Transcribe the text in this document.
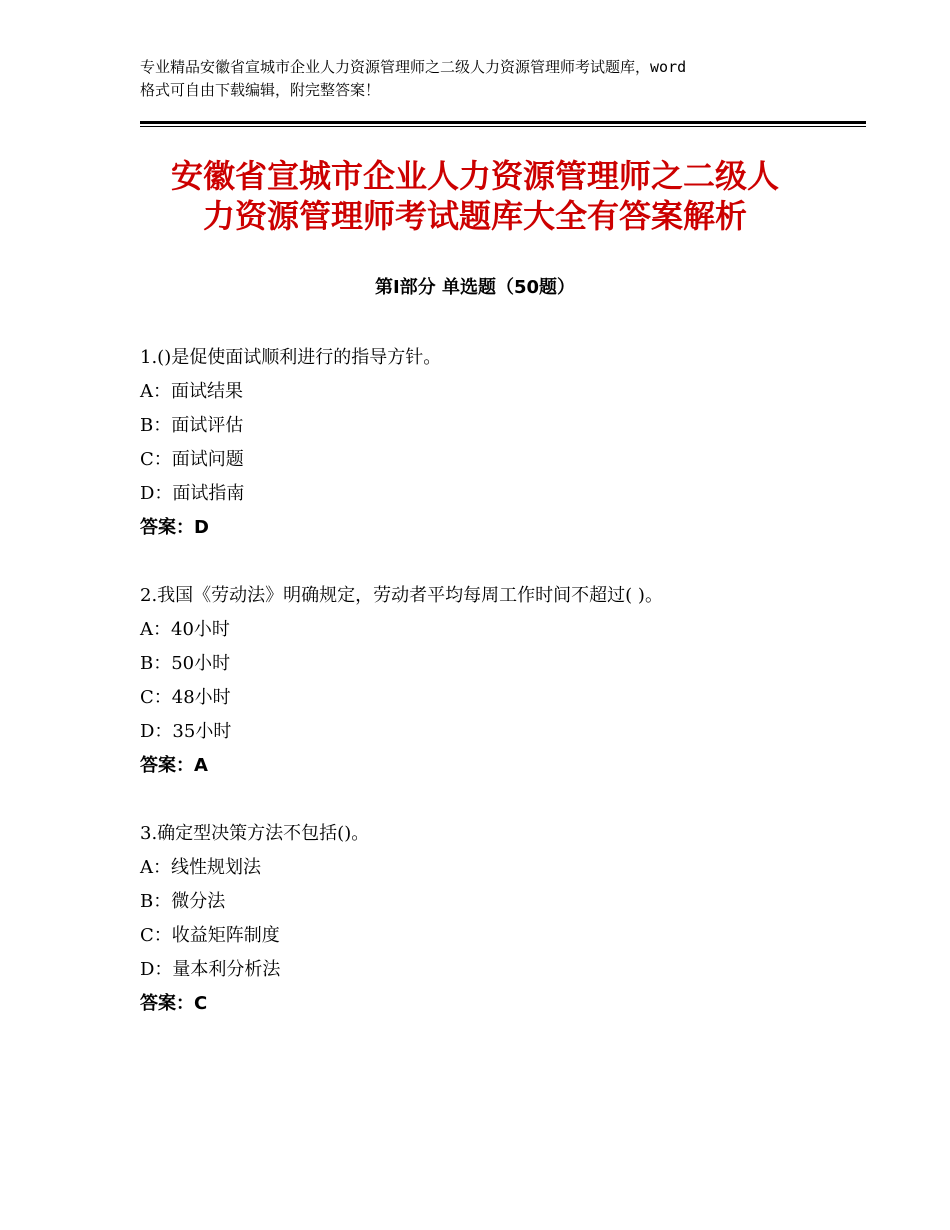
专业精品安徽省宣城市企业人力资源管理师之二级人力资源管理师考试题库，word
格式可自由下载编辑，附完整答案！
安徽省宣城市企业人力资源管理师之二级人
力资源管理师考试题库大全有答案解析
第Ⅰ部分 单选题（50题）
1.()是促使面试顺利进行的指导方针。
A：面试结果
B：面试评估
C：面试问题
D：面试指南
答案：D
2.我国《劳动法》明确规定，劳动者平均每周工作时间不超过( )。
A：40小时
B：50小时
C：48小时
D：35小时
答案：A
3.确定型决策方法不包括()。
A：线性规划法
B：微分法
C：收益矩阵制度
D：量本利分析法
答案：C
